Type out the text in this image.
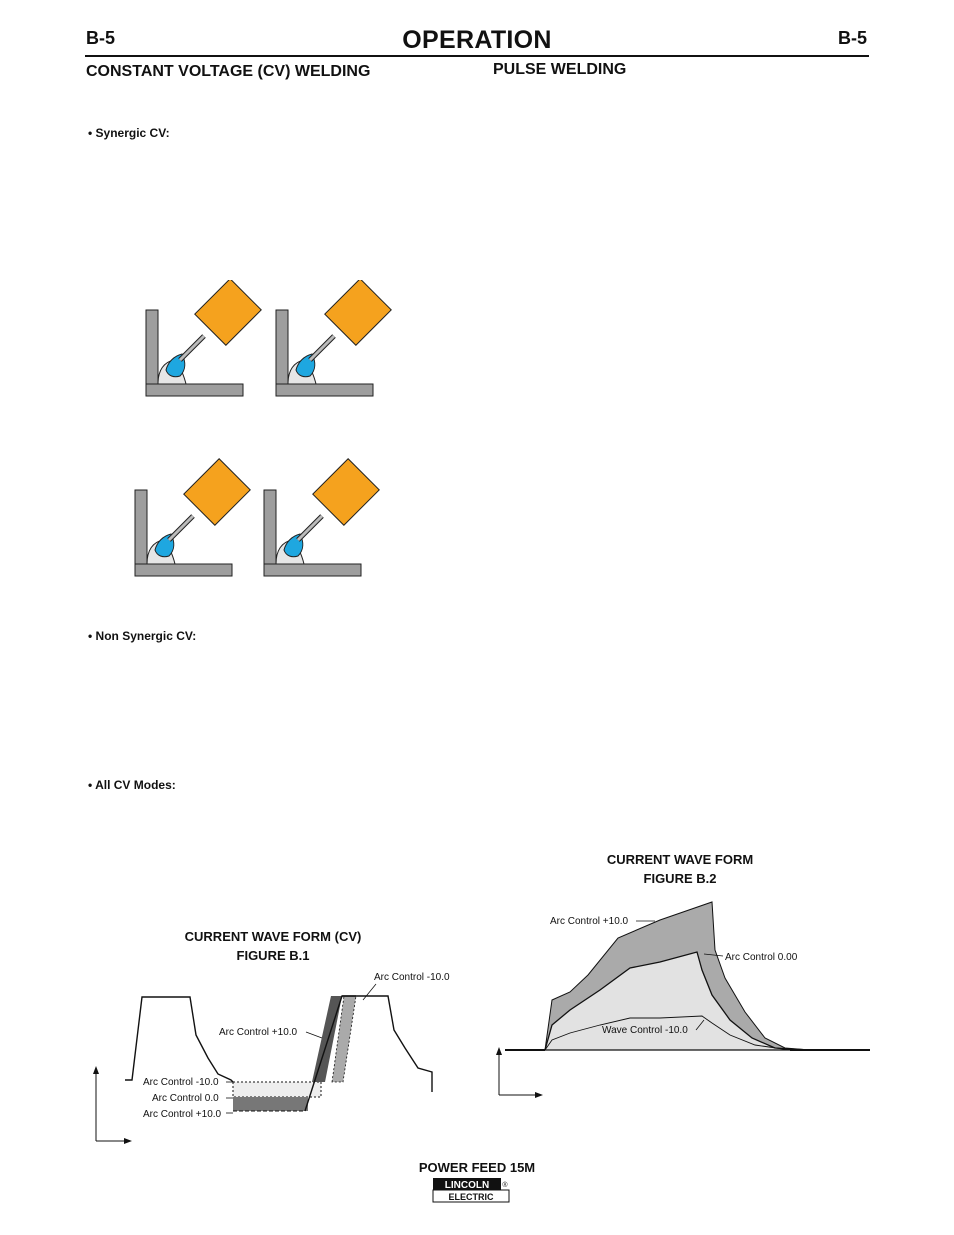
B-5	OPERATION	B-5
CONSTANT VOLTAGE (CV) WELDING	PULSE WELDING
• Synergic CV:
• Non Synergic CV:
• All CV Modes:
CURRENT WAVE FORM (CV)
FIGURE B.1
Arc Control -10.0
Arc Control +10.0
Arc Control -10.0
Arc Control 0.0
Arc Control +10.0
CURRENT WAVE FORM
FIGURE B.2
Arc Control +10.0
Arc Control 0.00
Wave Control -10.0
POWER FEED 15M
LINCOLN
ELECTRIC
®
